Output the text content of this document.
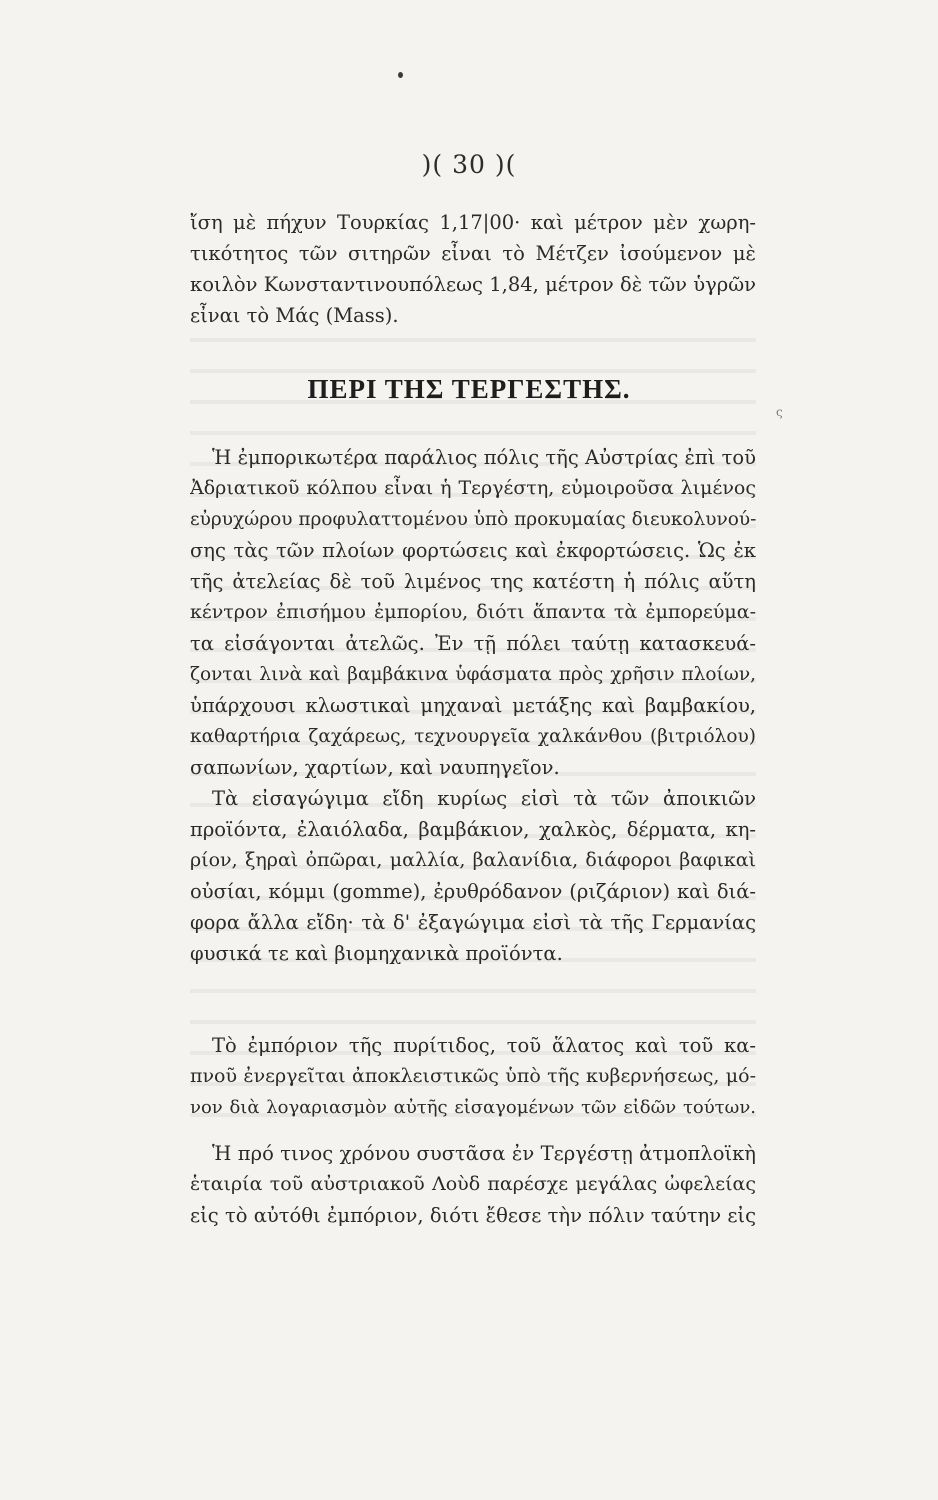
)( 30 )(
ἴση μὲ πήχυν Τουρκίας 1,17|00· καὶ μέτρον μὲν χωρη-
τικότητος τῶν σιτηρῶν εἶναι τὸ Μέτζεν ἰσούμενον μὲ
κοιλὸν Κωνσταντινουπόλεως 1,84, μέτρον δὲ τῶν ὑγρῶν
εἶναι τὸ Μάς (Mass).
ΠΕΡΙ ΤΗΣ ΤΕΡΓΕΣΤΗΣ.
ς
Ἡ ἐμπορικωτέρα παράλιος πόλις τῆς Αὐστρίας ἐπὶ τοῦ
Ἀδριατικοῦ κόλπου εἶναι ἡ Τεργέστη, εὐμοιροῦσα λιμένος
εὐρυχώρου προφυλαττομένου ὑπὸ προκυμαίας διευκολυνού-
σης τὰς τῶν πλοίων φορτώσεις καὶ ἐκφορτώσεις. Ὡς ἐκ
τῆς ἀτελείας δὲ τοῦ λιμένος της κατέστη ἡ πόλις αὕτη
κέντρον ἐπισήμου ἐμπορίου, διότι ἅπαντα τὰ ἐμπορεύμα-
τα εἰσάγονται ἀτελῶς. Ἐν τῇ πόλει ταύτῃ κατασκευά-
ζονται λινὰ καὶ βαμβάκινα ὑφάσματα πρὸς χρῆσιν πλοίων,
ὑπάρχουσι κλωστικαὶ μηχαναὶ μετάξης καὶ βαμβακίου,
καθαρτήρια ζαχάρεως, τεχνουργεῖα χαλκάνθου (βιτριόλου)
σαπωνίων, χαρτίων, καὶ ναυπηγεῖον.
Τὰ εἰσαγώγιμα εἴδη κυρίως εἰσὶ τὰ τῶν ἀποικιῶν
προϊόντα, ἐλαιόλαδα, βαμβάκιον, χαλκὸς, δέρματα, κη-
ρίον, ξηραὶ ὀπῶραι, μαλλία, βαλανίδια, διάφοροι βαφικαὶ
οὐσίαι, κόμμι (gomme), ἐρυθρόδανον (ριζάριον) καὶ διά-
φορα ἄλλα εἴδη· τὰ δ' ἐξαγώγιμα εἰσὶ τὰ τῆς Γερμανίας
φυσικά τε καὶ βιομηχανικὰ προϊόντα.
Τὸ ἐμπόριον τῆς πυρίτιδος, τοῦ ἅλατος καὶ τοῦ κα-
πνοῦ ἐνεργεῖται ἀποκλειστικῶς ὑπὸ τῆς κυβερνήσεως, μό-
νον διὰ λογαριασμὸν αὐτῆς εἰσαγομένων τῶν εἰδῶν τούτων.
Ἡ πρό τινος χρόνου συστᾶσα ἐν Τεργέστῃ ἀτμοπλοϊκὴ
ἑταιρία τοῦ αὐστριακοῦ Λοὺδ παρέσχε μεγάλας ὠφελείας
εἰς τὸ αὐτόθι ἐμπόριον, διότι ἔθεσε τὴν πόλιν ταύτην εἰς
